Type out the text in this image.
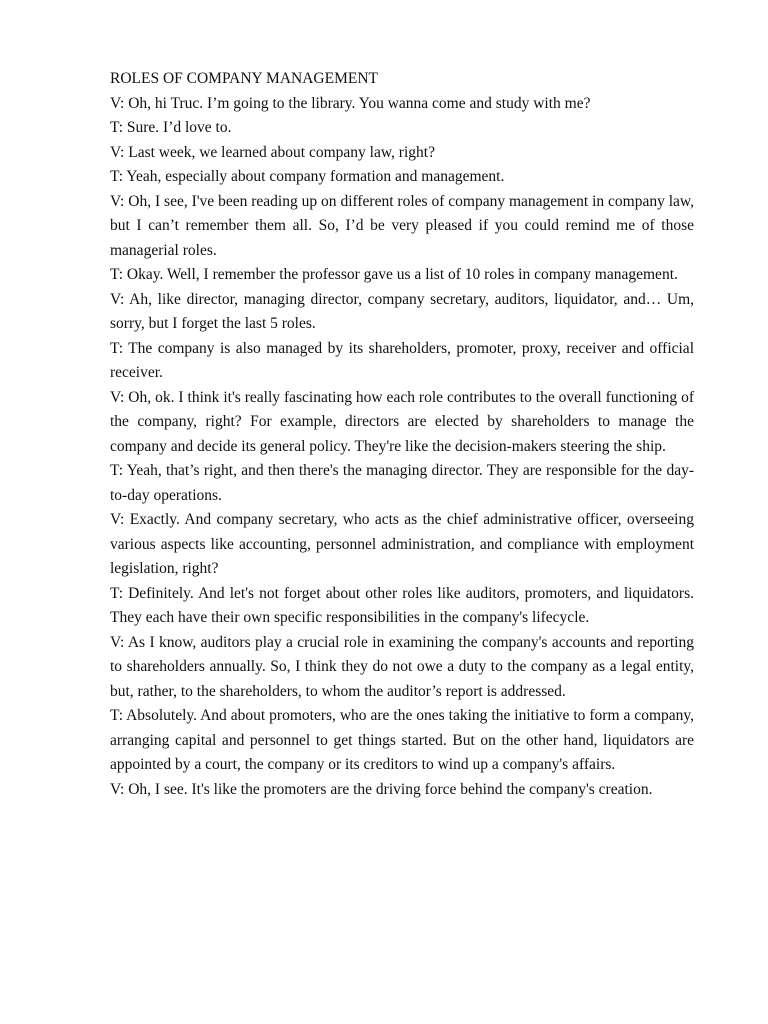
ROLES OF COMPANY MANAGEMENT

V: Oh, hi Truc. I’m going to the library. You wanna come and study with me?

T: Sure. I’d love to.

V: Last week, we learned about company law, right?

T: Yeah, especially about company formation and management.

V: Oh, I see, I've been reading up on different roles of company management in company law, but I can’t remember them all. So, I’d be very pleased if you could remind me of those managerial roles.

T: Okay. Well, I remember the professor gave us a list of 10 roles in company management.

V: Ah, like director, managing director, company secretary, auditors, liquidator, and… Um, sorry, but I forget the last 5 roles.

T: The company is also managed by its shareholders, promoter, proxy, receiver and official receiver.

V: Oh, ok. I think it's really fascinating how each role contributes to the overall functioning of the company, right? For example, directors are elected by shareholders to manage the company and decide its general policy. They're like the decision-makers steering the ship.

T: Yeah, that’s right, and then there's the managing director. They are responsible for the day-to-day operations.

V: Exactly. And company secretary, who acts as the chief administrative officer, overseeing various aspects like accounting, personnel administration, and compliance with employment legislation, right?

T: Definitely. And let's not forget about other roles like auditors, promoters, and liquidators. They each have their own specific responsibilities in the company's lifecycle.

V: As I know, auditors play a crucial role in examining the company's accounts and reporting to shareholders annually. So, I think they do not owe a duty to the company as a legal entity, but, rather, to the shareholders, to whom the auditor’s report is addressed.

T: Absolutely. And about promoters, who are the ones taking the initiative to form a company, arranging capital and personnel to get things started. But on the other hand, liquidators are appointed by a court, the company or its creditors to wind up a company's affairs.

V: Oh, I see. It's like the promoters are the driving force behind the company's creation.
